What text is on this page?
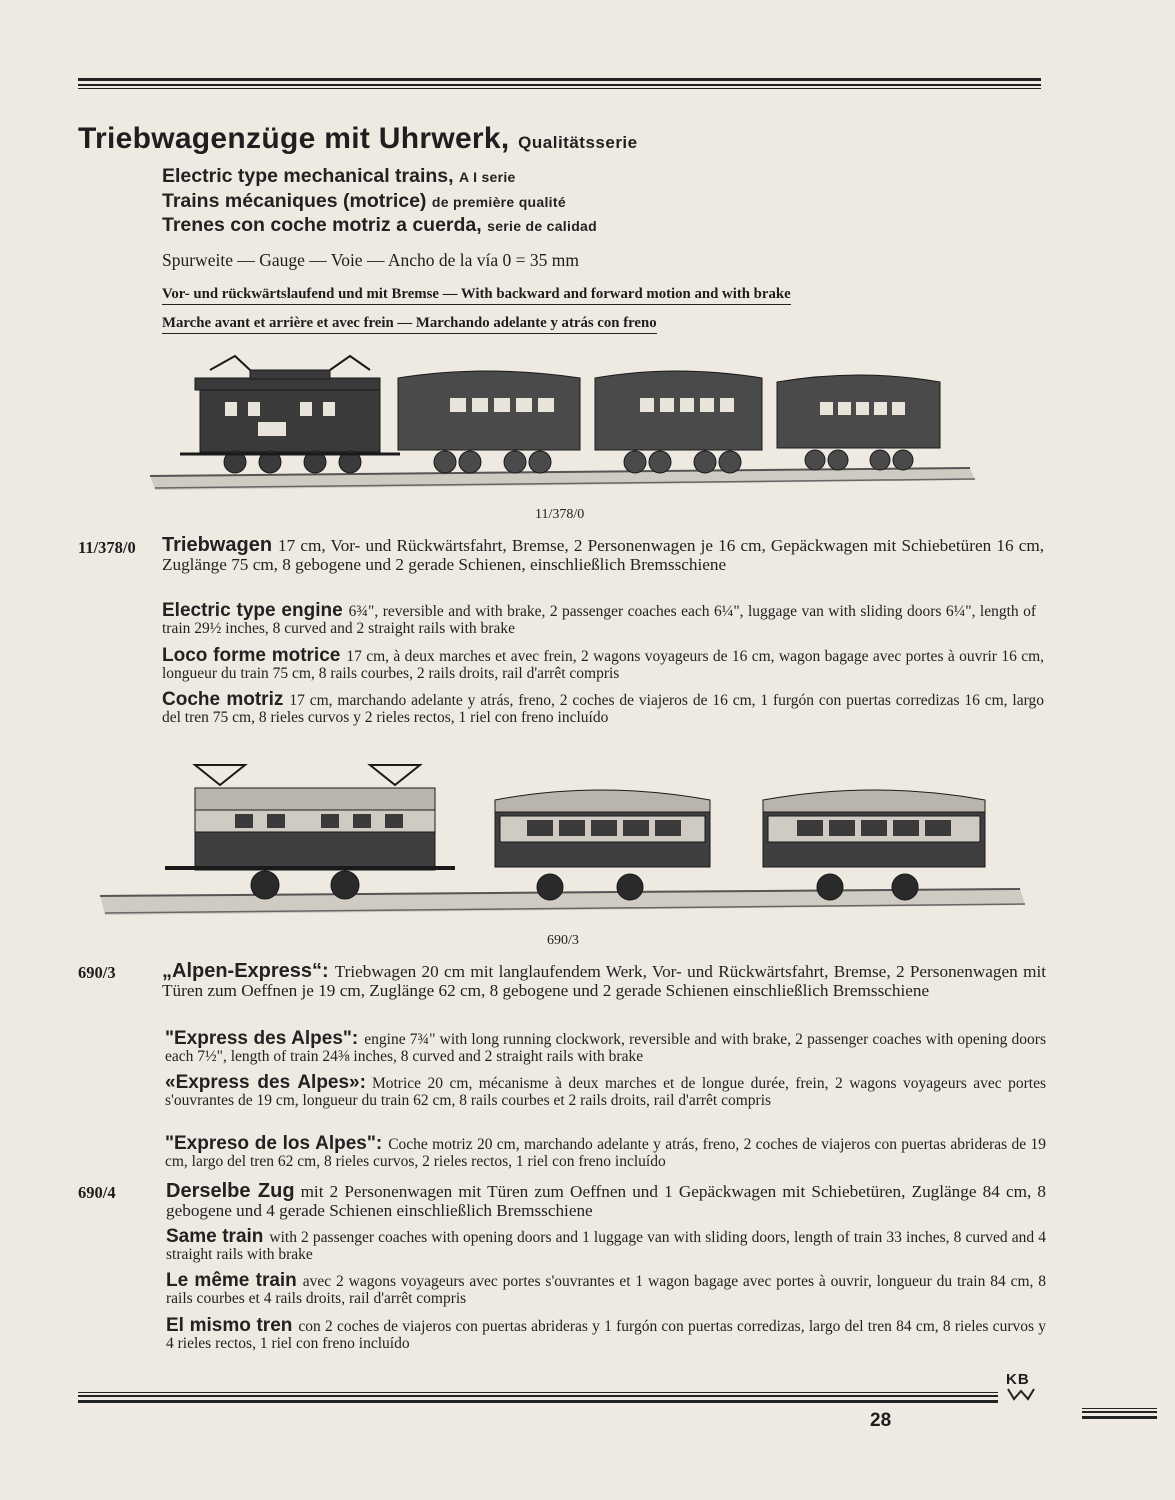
Triebwagenzüge mit Uhrwerk, Qualitätsserie
Electric type mechanical trains, A I serie
Trains mécaniques (motrice) de première qualité
Trenes con coche motriz a cuerda, serie de calidad
Spurweite — Gauge — Voie — Ancho de la vía 0 = 35 mm
Vor- und rückwärtslaufend und mit Bremse — With backward and forward motion and with brake
Marche avant et arrière et avec frein — Marchando adelante y atrás con freno
11/378/0
11/378/0 Triebwagen 17 cm, Vor- und Rückwärtsfahrt, Bremse, 2 Personenwagen je 16 cm, Gepäckwagen mit Schiebetüren 16 cm, Zuglänge 75 cm, 8 gebogene und 2 gerade Schienen, einschließlich Bremsschiene
Electric type engine 6¾", reversible and with brake, 2 passenger coaches each 6¼", luggage van with sliding doors 6¼", length of train 29½ inches, 8 curved and 2 straight rails with brake
Loco forme motrice 17 cm, à deux marches et avec frein, 2 wagons voyageurs de 16 cm, wagon bagage avec portes à ouvrir 16 cm, longueur du train 75 cm, 8 rails courbes, 2 rails droits, rail d'arrêt compris
Coche motriz 17 cm, marchando adelante y atrás, freno, 2 coches de viajeros de 16 cm, 1 furgón con puertas corredizas 16 cm, largo del tren 75 cm, 8 rieles curvos y 2 rieles rectos, 1 riel con freno incluído
690/3
690/3 „Alpen-Express“: Triebwagen 20 cm mit langlaufendem Werk, Vor- und Rückwärtsfahrt, Bremse, 2 Personenwagen mit Türen zum Oeffnen je 19 cm, Zuglänge 62 cm, 8 gebogene und 2 gerade Schienen einschließlich Bremsschiene
"Express des Alpes": engine 7¾" with long running clockwork, reversible and with brake, 2 passenger coaches with opening doors each 7½", length of train 24⅜ inches, 8 curved and 2 straight rails with brake
«Express des Alpes»: Motrice 20 cm, mécanisme à deux marches et de longue durée, frein, 2 wagons voyageurs avec portes s'ouvrantes de 19 cm, longueur du train 62 cm, 8 rails courbes et 2 rails droits, rail d'arrêt compris
"Expreso de los Alpes": Coche motriz 20 cm, marchando adelante y atrás, freno, 2 coches de viajeros con puertas abrideras de 19 cm, largo del tren 62 cm, 8 rieles curvos, 2 rieles rectos, 1 riel con freno incluído
690/4	Derselbe Zug mit 2 Personenwagen mit Türen zum Oeffnen und 1 Gepäckwagen mit Schiebetüren, Zuglänge 84 cm, 8 gebogene und 4 gerade Schienen einschließlich Bremsschiene
Same train with 2 passenger coaches with opening doors and 1 luggage van with sliding doors, length of train 33 inches, 8 curved and 4 straight rails with brake
Le même train avec 2 wagons voyageurs avec portes s'ouvrantes et 1 wagon bagage avec portes à ouvrir, longueur du train 84 cm, 8 rails courbes et 4 rails droits, rail d'arrêt compris
El mismo tren con 2 coches de viajeros con puertas abrideras y 1 furgón con puertas corredizas, largo del tren 84 cm, 8 rieles curvos y 4 rieles rectos, 1 riel con freno incluído
KB
28
